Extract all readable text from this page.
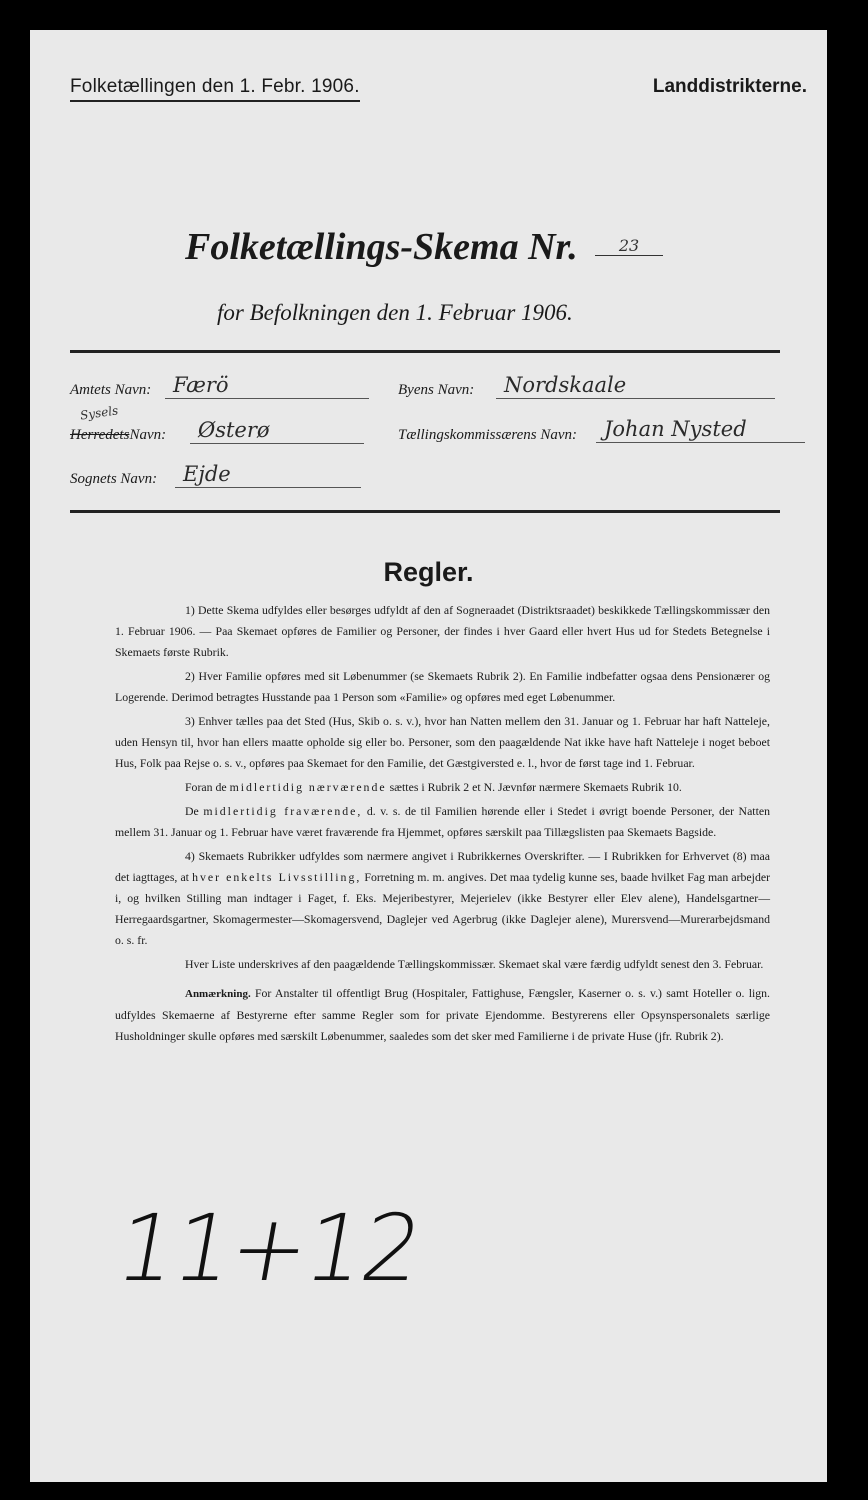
Folketællingen den 1. Febr. 1906.	Landdistrikterne.
Folketællings-Skema Nr.	23
for Befolkningen den 1. Februar 1906.
Amtets Navn:	Færö
Sysels
HerredetsNavn:	Østerø
Sognets Navn:	Ejde
Byens Navn:	Nordskaale
Tællingskommissærens Navn:	Johan Nysted
Regler.

1) Dette Skema udfyldes eller besørges udfyldt af den af Sogneraadet (Distriktsraadet) beskikkede Tællingskommissær den 1. Februar 1906. — Paa Skemaet opføres de Familier og Personer, der findes i hver Gaard eller hvert Hus ud for Stedets Betegnelse i Skemaets første Rubrik.

2) Hver Familie opføres med sit Løbenummer (se Skemaets Rubrik 2). En Familie indbefatter ogsaa dens Pensionærer og Logerende. Derimod betragtes Husstande paa 1 Person som «Familie» og opføres med eget Løbenummer.

3) Enhver tælles paa det Sted (Hus, Skib o. s. v.), hvor han Natten mellem den 31. Januar og 1. Februar har haft Natteleje, uden Hensyn til, hvor han ellers maatte opholde sig eller bo. Personer, som den paagældende Nat ikke have haft Natteleje i noget beboet Hus, Folk paa Rejse o. s. v., opføres paa Skemaet for den Familie, det Gæstgiversted e. l., hvor de først tage ind 1. Februar.

Foran de midlertidig nærværende sættes i Rubrik 2 et N. Jævnfør nærmere Skemaets Rubrik 10.

De midlertidig fraværende, d. v. s. de til Familien hørende eller i Stedet i øvrigt boende Personer, der Natten mellem 31. Januar og 1. Februar have været fraværende fra Hjemmet, opføres særskilt paa Tillægslisten paa Skemaets Bagside.

4) Skemaets Rubrikker udfyldes som nærmere angivet i Rubrikkernes Overskrifter. — I Rubrikken for Erhvervet (8) maa det iagttages, at hver enkelts Livsstilling, Forretning m. m. angives. Det maa tydelig kunne ses, baade hvilket Fag man arbejder i, og hvilken Stilling man indtager i Faget, f. Eks. Mejeribestyrer, Mejerielev (ikke Bestyrer eller Elev alene), Handelsgartner—Herregaardsgartner, Skomagermester—Skomagersvend, Daglejer ved Agerbrug (ikke Daglejer alene), Murersvend—Murerarbejdsmand o. s. fr.

Hver Liste underskrives af den paagældende Tællingskommissær. Skemaet skal være færdig udfyldt senest den 3. Februar.

Anmærkning. For Anstalter til offentligt Brug (Hospitaler, Fattighuse, Fængsler, Kaserner o. s. v.) samt Hoteller o. lign. udfyldes Skemaerne af Bestyrerne efter samme Regler som for private Ejendomme. Bestyrerens eller Opsynspersonalets særlige Husholdninger skulle opføres med særskilt Løbenummer, saaledes som det sker med Familierne i de private Huse (jfr. Rubrik 2).

11+12
